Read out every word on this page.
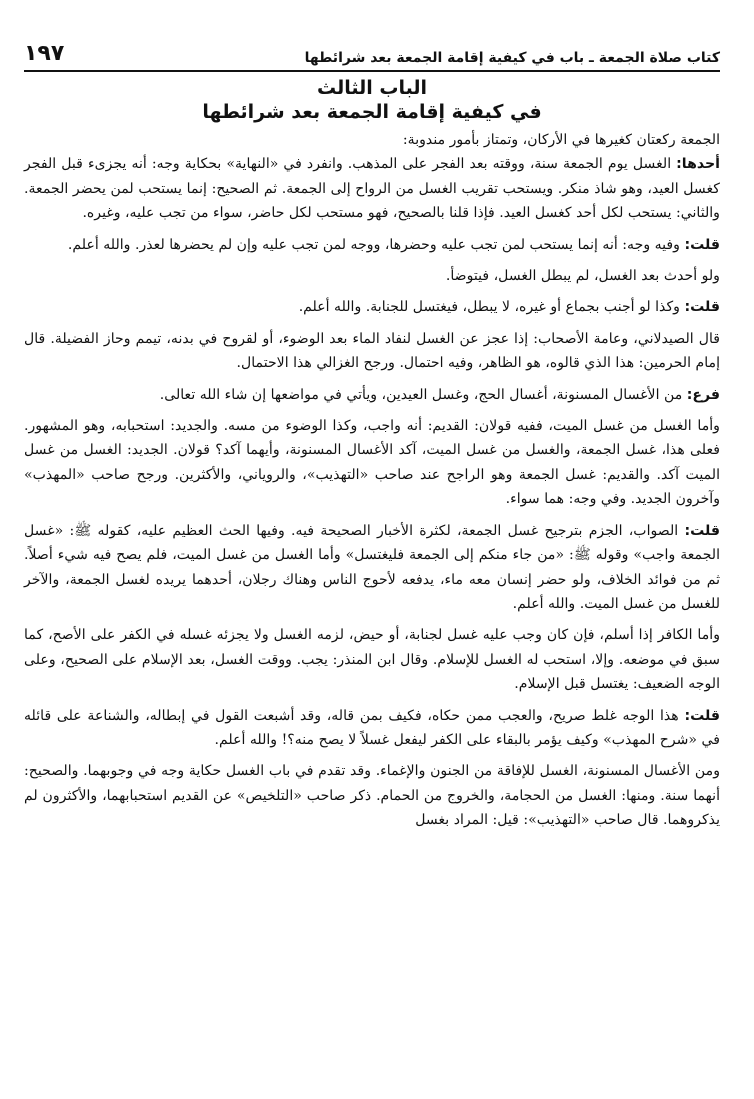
كتاب صلاة الجمعة ـ باب في كيفية إقامة الجمعة بعد شرائطها
١٩٧
الباب الثالث
في كيفية إقامة الجمعة بعد شرائطها

الجمعة ركعتان كغيرها في الأركان، وتمتاز بأمور مندوبة:

أحدها: الغسل يوم الجمعة سنة، ووقته بعد الفجر على المذهب. وانفرد في «النهاية» بحكاية وجه: أنه يجزىء قبل الفجر كغسل العيد، وهو شاذ منكر. ويستحب تقريب الغسل من الرواح إلى الجمعة. ثم الصحيح: إنما يستحب لمن يحضر الجمعة. والثاني: يستحب لكل أحد كغسل العيد. فإذا قلنا بالصحيح، فهو مستحب لكل حاضر، سواء من تجب عليه، وغيره.

قلت: وفيه وجه: أنه إنما يستحب لمن تجب عليه وحضرها، ووجه لمن تجب عليه وإن لم يحضرها لعذر. والله أعلم.

ولو أحدث بعد الغسل، لم يبطل الغسل، فيتوضأ.

قلت: وكذا لو أجنب بجماع أو غيره، لا يبطل، فيغتسل للجنابة. والله أعلم.

قال الصيدلاني، وعامة الأصحاب: إذا عجز عن الغسل لنفاد الماء بعد الوضوء، أو لقروح في بدنه، تيمم وحاز الفضيلة. قال إمام الحرمين: هذا الذي قالوه، هو الظاهر، وفيه احتمال. ورجح الغزالي هذا الاحتمال.

فرع: من الأغسال المسنونة، أغسال الحج، وغسل العيدين، ويأتي في مواضعها إن شاء الله تعالى.

وأما الغسل من غسل الميت، ففيه قولان: القديم: أنه واجب، وكذا الوضوء من مسه. والجديد: استحبابه، وهو المشهور. فعلى هذا، غسل الجمعة، والغسل من غسل الميت، آكد الأغسال المسنونة، وأيهما آكد؟ قولان. الجديد: الغسل من غسل الميت آكد. والقديم: غسل الجمعة وهو الراجح عند صاحب «التهذيب»، والروياني، والأكثرين. ورجح صاحب «المهذب» وآخرون الجديد. وفي وجه: هما سواء.

قلت: الصواب، الجزم بترجيح غسل الجمعة، لكثرة الأخبار الصحيحة فيه. وفيها الحث العظيم عليه، كقوله ﷺ: «غسل الجمعة واجب» وقوله ﷺ: «من جاء منكم إلى الجمعة فليغتسل» وأما الغسل من غسل الميت، فلم يصح فيه شيء أصلاً. ثم من فوائد الخلاف، ولو حضر إنسان معه ماء، يدفعه لأحوج الناس وهناك رجلان، أحدهما يريده لغسل الجمعة، والآخر للغسل من غسل الميت. والله أعلم.

وأما الكافر إذا أسلم، فإن كان وجب عليه غسل لجنابة، أو حيض، لزمه الغسل ولا يجزئه غسله في الكفر على الأصح، كما سبق في موضعه. وإلا، استحب له الغسل للإسلام. وقال ابن المنذر: يجب. ووقت الغسل، بعد الإسلام على الصحيح، وعلى الوجه الضعيف: يغتسل قبل الإسلام.

قلت: هذا الوجه غلط صريح، والعجب ممن حكاه، فكيف بمن قاله، وقد أشبعت القول في إبطاله، والشناعة على قائله في «شرح المهذب» وكيف يؤمر بالبقاء على الكفر ليفعل غسلاً لا يصح منه؟! والله أعلم.

ومن الأغسال المسنونة، الغسل للإفاقة من الجنون والإغماء. وقد تقدم في باب الغسل حكاية وجه في وجوبهما. والصحيح: أنهما سنة. ومنها: الغسل من الحجامة، والخروج من الحمام. ذكر صاحب «التلخيص» عن القديم استحبابهما، والأكثرون لم يذكروهما. قال صاحب «التهذيب»: قيل: المراد بغسل
